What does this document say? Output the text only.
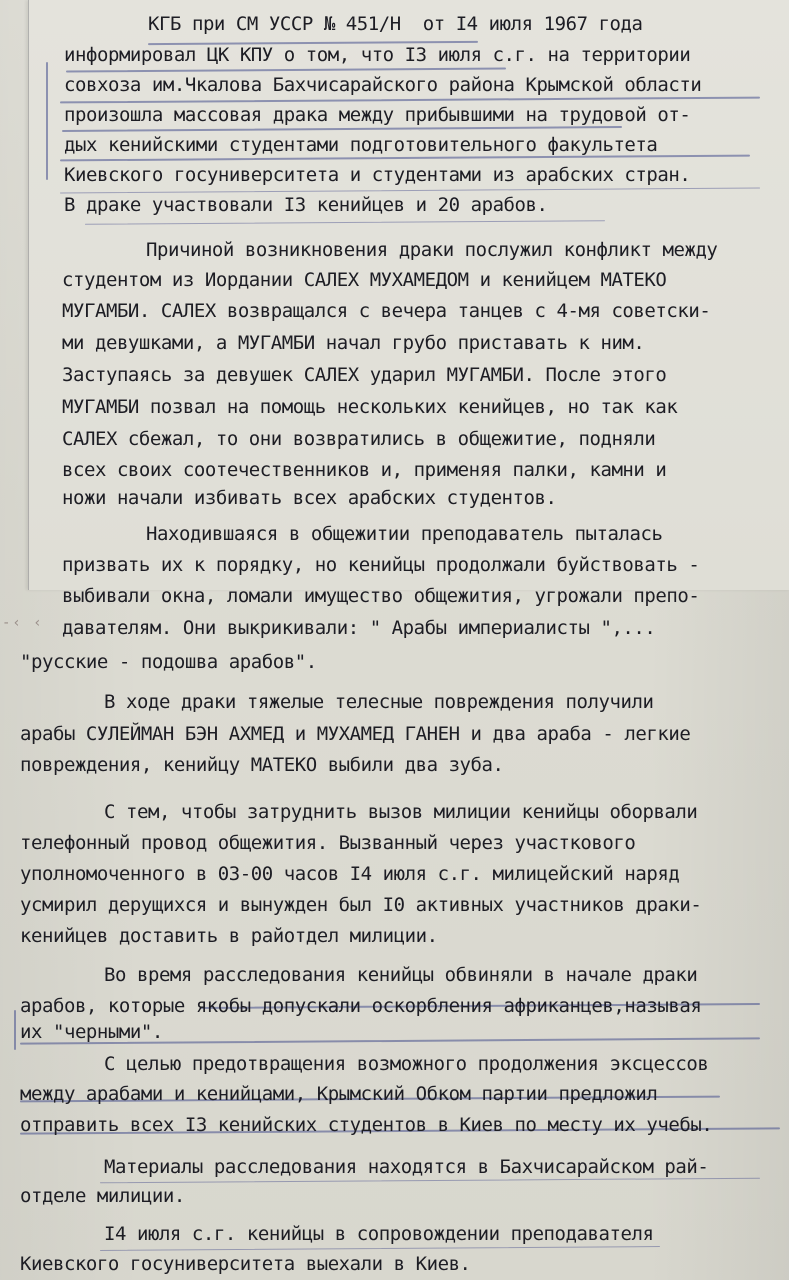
-‹ ‹
КГБ при СМ УССР № 451/Н  от I4 июля 1967 года
информировал ЦК КПУ о том, что I3 июля с.г. на территории
совхоза им.Чкалова Бахчисарайского района Крымской области
произошла массовая драка между прибывшими на трудовой от-
дых кенийскими студентами подготовительного факультета
Киевского госуниверситета и студентами из арабских стран.
В драке участвовали I3 кенийцев и 20 арабов.
Причиной возникновения драки послужил конфликт между
студентом из Иордании САЛЕХ МУХАМЕДОМ и кенийцем МАТЕКО
МУГАМБИ. САЛЕХ возвращался с вечера танцев с 4-мя советски-
ми девушками, а МУГАМБИ начал грубо приставать к ним.
Заступаясь за девушек САЛЕХ ударил МУГАМБИ. После этого
МУГАМБИ позвал на помощь нескольких кенийцев, но так как
САЛЕХ сбежал, то они возвратились в общежитие, подняли
всех своих соотечественников и, применяя палки, камни и
ножи начали избивать всех арабских студентов.
Находившаяся в общежитии преподаватель пыталась
призвать их к порядку, но кенийцы продолжали буйствовать -
выбивали окна, ломали имущество общежития, угрожали препо-
давателям. Они выкрикивали: " Арабы империалисты ",...
"русские - подошва арабов".
В ходе драки тяжелые телесные повреждения получили
арабы СУЛЕЙМАН БЭН АХМЕД и МУХАМЕД ГАНЕН и два араба - легкие
повреждения, кенийцу МАТЕКО выбили два зуба.
С тем, чтобы затруднить вызов милиции кенийцы оборвали
телефонный провод общежития. Вызванный через участкового
уполномоченного в 03-00 часов I4 июля с.г. милицейский наряд
усмирил дерущихся и вынужден был I0 активных участников драки-
кенийцев доставить в райотдел милиции.
Во время расследования кенийцы обвиняли в начале драки
арабов, которые якобы допускали оскорбления африканцев,называя
их "черными".
С целью предотвращения возможного продолжения эксцессов
между арабами и кенийцами, Крымский Обком партии предложил
отправить всех I3 кенийских студентов в Киев по месту их учебы.
Материалы расследования находятся в Бахчисарайском рай-
отделе милиции.
I4 июля с.г. кенийцы в сопровождении преподавателя
Киевского госуниверситета выехали в Киев.
